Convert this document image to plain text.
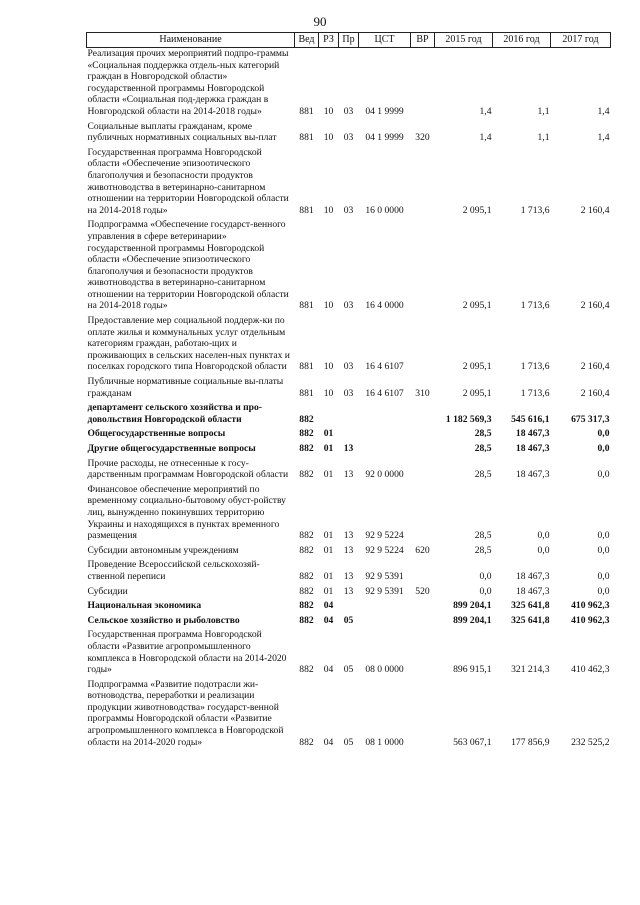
90
Наименование	Вед	РЗ	Пр	ЦСТ	ВР	2015 год	2016 год	2017 год
Реализация прочих мероприятий подпро-граммы «Социальная поддержка отдель-ных категорий граждан в Новгородской области» государственной программы Новгородской области «Социальная под-держка граждан в Новгородской области на 2014-2018 годы»	881	10	03	04 1 9999		1,4	1,1	1,4
Социальные выплаты гражданам, кроме публичных нормативных социальных вы-плат	881	10	03	04 1 9999	320	1,4	1,1	1,4
Государственная программа Новгородской области «Обеспечение эпизоотического благополучия и безопасности продуктов животноводства в ветеринарно-санитарном отношении на территории Новгородской области на 2014-2018 годы»	881	10	03	16 0 0000		2 095,1	1 713,6	2 160,4
Подпрограмма «Обеспечение государст-венного управления в сфере ветеринарии» государственной программы Новгородской области «Обеспечение эпизоотического благополучия и безопасности продуктов животноводства в ветеринарно-санитарном отношении на территории Новгородской области на 2014-2018 годы»	881	10	03	16 4 0000		2 095,1	1 713,6	2 160,4
Предоставление мер социальной поддерж-ки по оплате жилья и коммунальных услуг отдельным категориям граждан, работаю-щих и проживающих в сельских населен-ных пунктах и поселках городского типа Новгородской области	881	10	03	16 4 6107		2 095,1	1 713,6	2 160,4
Публичные нормативные социальные вы-платы гражданам	881	10	03	16 4 6107	310	2 095,1	1 713,6	2 160,4
департамент сельского хозяйства и про-довольствия Новгородской области	882					1 182 569,3	545 616,1	675 317,3
Общегосударственные вопросы	882	01				28,5	18 467,3	0,0
Другие общегосударственные вопросы	882	01	13			28,5	18 467,3	0,0
Прочие расходы, не отнесенные к госу-дарственным программам Новгородской области	882	01	13	92 0 0000		28,5	18 467,3	0,0
Финансовое обеспечение мероприятий по временному социально-бытовому обуст-ройству лиц, вынужденно покинувших территорию Украины и находящихся в пунктах временного размещения	882	01	13	92 9 5224		28,5	0,0	0,0
Субсидии автономным учреждениям	882	01	13	92 9 5224	620	28,5	0,0	0,0
Проведение Всероссийской сельскохозяй-ственной переписи	882	01	13	92 9 5391		0,0	18 467,3	0,0
Субсидии	882	01	13	92 9 5391	520	0,0	18 467,3	0,0
Национальная экономика	882	04				899 204,1	325 641,8	410 962,3
Сельское хозяйство и рыболовство	882	04	05			899 204,1	325 641,8	410 962,3
Государственная программа Новгородской области «Развитие агропромышленного комплекса в Новгородской области на 2014-2020 годы»	882	04	05	08 0 0000		896 915,1	321 214,3	410 462,3
Подпрограмма «Развитие подотрасли жи-вотноводства, переработки и реализации продукции животноводства» государст-венной программы Новгородской области «Развитие агропромышленного комплекса в Новгородской области на 2014-2020 годы»	882	04	05	08 1 0000		563 067,1	177 856,9	232 525,2
